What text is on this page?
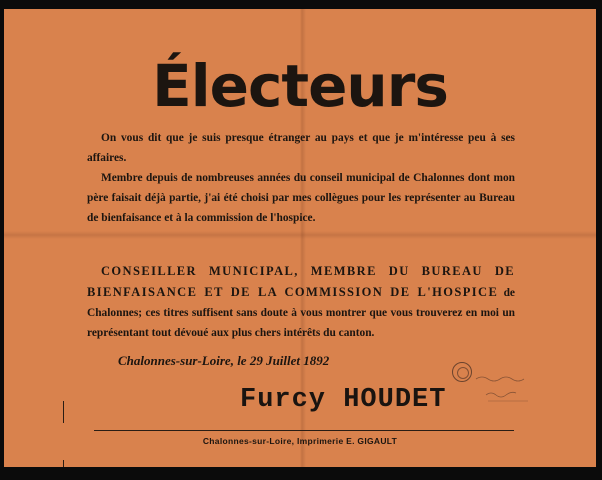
Électeurs
On vous dit que je suis presque étranger au pays et que je m'intéresse peu à ses affaires.
Membre depuis de nombreuses années du conseil municipal de Chalonnes dont mon père faisait déjà partie, j'ai été choisi par mes collègues pour les représenter au Bureau de bienfaisance et à la commission de l'hospice.
CONSEILLER MUNICIPAL, MEMBRE DU BUREAU DE BIENFAISANCE ET DE LA COMMISSION DE L'HOSPICE de Chalonnes; ces titres suffisent sans doute à vous montrer que vous trouverez en moi un représentant tout dévoué aux plus chers intérêts du canton.
Chalonnes-sur-Loire, le 29 Juillet 1892
Furcy HOUDET
Chalonnes-sur-Loire, Imprimerie E. GIGAULT
